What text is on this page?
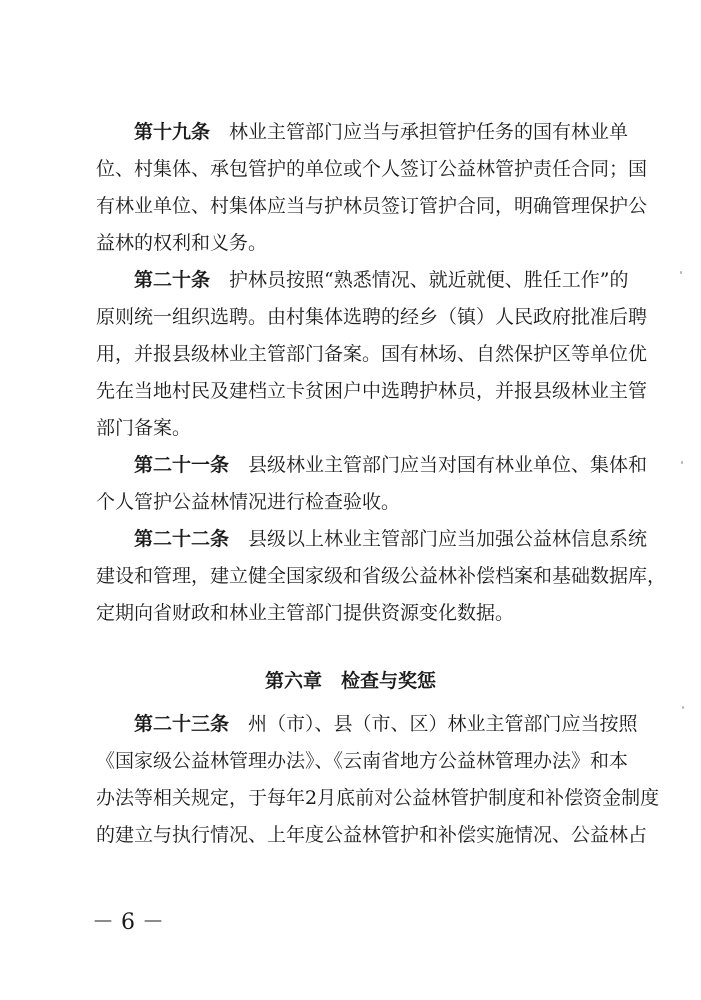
第十九条　 林业主管部门应当与承担管护任务的国有林业单
位、村集体、承包管护的单位或个人签订公益林管护责任合同；国
有林业单位、村集体应当与护林员签订管护合同，明确管理保护公
益林的权利和义务。
第二十条　 护林员按照“熟悉情况、就近就便、胜任工作”的
原则统一组织选聘。由村集体选聘的经乡（镇）人民政府批准后聘
用，并报县级林业主管部门备案。国有林场、自然保护区等单位优
先在当地村民及建档立卡贫困户中选聘护林员，并报县级林业主管
部门备案。
第二十一条　 县级林业主管部门应当对国有林业单位、集体和
个人管护公益林情况进行检查验收。
第二十二条　 县级以上林业主管部门应当加强公益林信息系统
建设和管理，建立健全国家级和省级公益林补偿档案和基础数据库，
定期向省财政和林业主管部门提供资源变化数据。
第六章　检查与奖惩
第二十三条　 州（市）、县（市、区）林业主管部门应当按照
《国家级公益林管理办法》、《云南省地方公益林管理办法》和本
办法等相关规定，于每年2月底前对公益林管护制度和补偿资金制度
的建立与执行情况、上年度公益林管护和补偿实施情况、公益林占
－ 6 －
